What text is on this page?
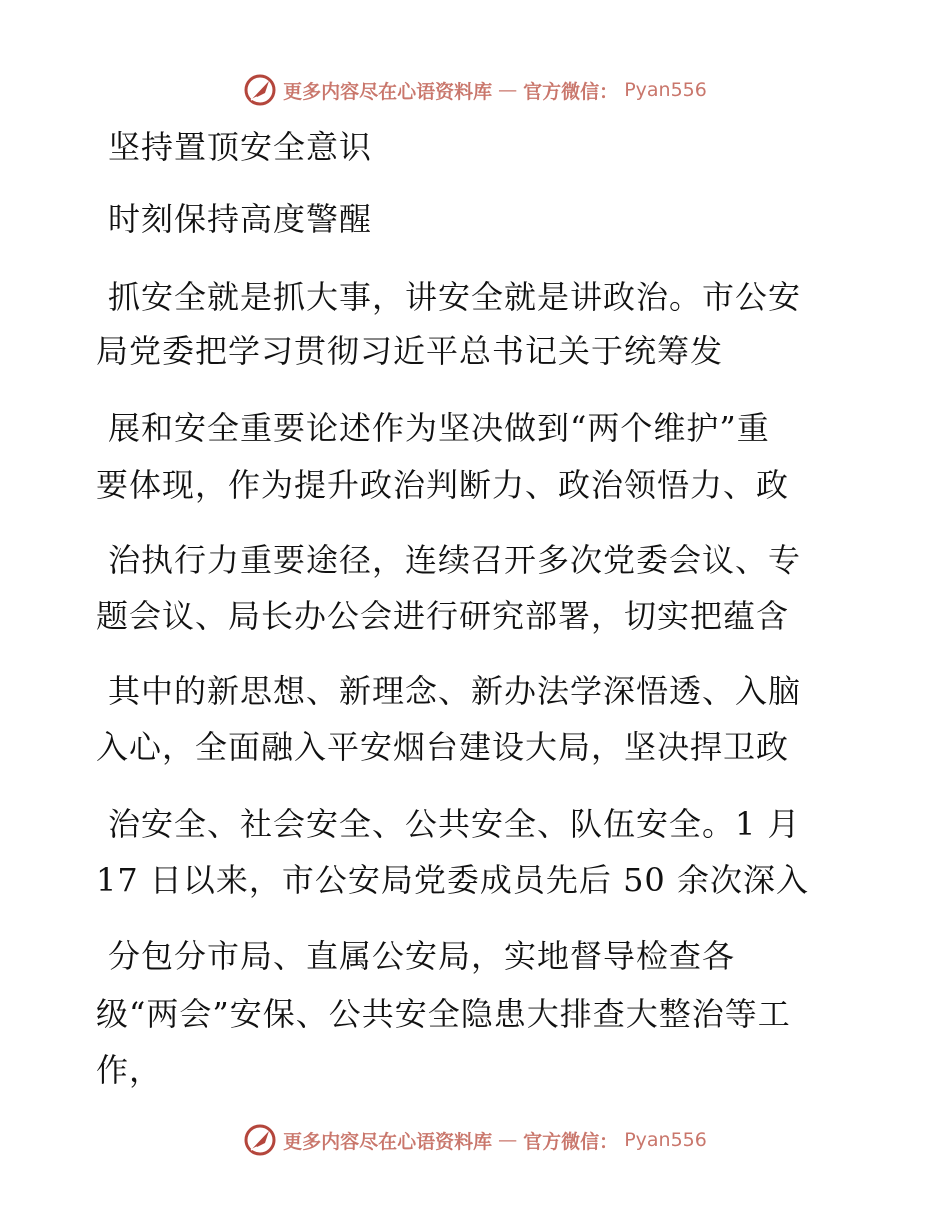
更多内容尽在心语资料库 — 官方微信： Pyan556
坚持置顶安全意识
时刻保持高度警醒
抓安全就是抓大事，讲安全就是讲政治。市公安
局党委把学习贯彻习近平总书记关于统筹发
展和安全重要论述作为坚决做到“两个维护”重
要体现，作为提升政治判断力、政治领悟力、政
治执行力重要途径，连续召开多次党委会议、专
题会议、局长办公会进行研究部署，切实把蕴含
其中的新思想、新理念、新办法学深悟透、入脑
入心，全面融入平安烟台建设大局，坚决捍卫政
治安全、社会安全、公共安全、队伍安全。1 月
17 日以来，市公安局党委成员先后 50 余次深入
分包分市局、直属公安局，实地督导检查各
级“两会”安保、公共安全隐患大排查大整治等工
作，
更多内容尽在心语资料库 — 官方微信： Pyan556
